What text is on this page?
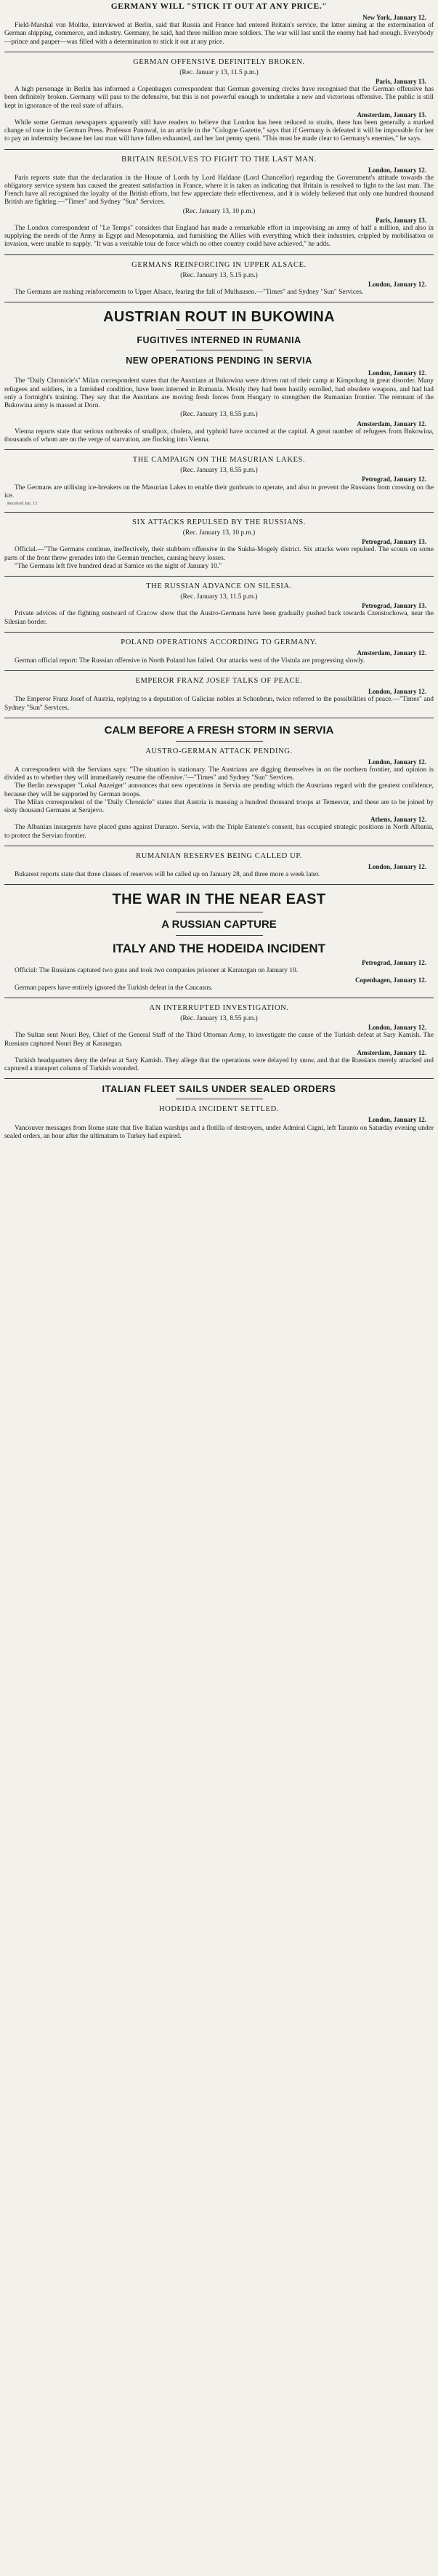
GERMANY WILL "STICK IT OUT AT ANY PRICE."
New York, January 12.

Field-Marshal von Moltke, interviewed at Berlin, said that Russia and France had entered Britain's service, the latter aiming at the extermination of German shipping, commerce, and industry. Germany, he said, had three million more soldiers. The war will last until the enemy had had enough. Everybody—prince and pauper—was filled with a determination to stick it out at any price.

GERMAN OFFENSIVE DEFINITELY BROKEN.
(Rec. Januar y 13, 11.5 p.m.)
Paris, January 13.

A high personage in Berlin has informed a Copenhagen correspondent that German governing circles have recognised that the German offensive has been definitely broken. Germany will pass to the defensive, but this is not powerful enough to undertake a new and victorious offensive. The public is still kept in ignorance of the real state of affairs.

Amsterdam, January 13.

While some German newspapers apparently still have readers to believe that London has been reduced to straits, there has been generally a marked change of tone in the German Press. Professor Pannwal, in an article in the "Cologne Gazette," says that if Germany is defeated it will be impossible for her to pay an indemnity because her last man will have fallen exhausted, and her last penny spent. "This must be made clear to Germany's enemies," he says.

BRITAIN RESOLVES TO FIGHT TO THE LAST MAN.
London, January 12.

Paris reports state that the declaration in the House of Lords by Lord Haldane (Lord Chancellor) regarding the Government's attitude towards the obligatory service system has caused the greatest satisfaction in France, where it is taken as indicating that Britain is resolved to fight to the last man. The French have all recognised the loyalty of the British efforts, but few appreciate their effectiveness, and it is widely believed that only one hundred thousand British are fighting.—"Times" and Sydney "Sun" Services.

(Rec. January 13, 10 p.m.)
Paris, January 13.

The London correspondent of "Le Temps" considers that England has made a remarkable effort in improvising an army of half a million, and also in supplying the needs of the Army in Egypt and Mesopotamia, and furnishing the Allies with everything which their industries, crippled by mobilisation or invasion, were unable to supply. "It was a veritable tour de force which no other country could have achieved," he adds.

GERMANS REINFORCING IN UPPER ALSACE.
(Rec. January 13, 5.15 p.m.)
London, January 12.

The Germans are rushing reinforcements to Upper Alsace, fearing the fall of Mulhausen.—"Times" and Sydney "Sun" Services.

AUSTRIAN ROUT IN BUKOWINA
FUGITIVES INTERNED IN RUMANIA
NEW OPERATIONS PENDING IN SERVIA
London, January 12.

The "Daily Chronicle's" Milan correspondent states that the Austrians at Bukowina were driven out of their camp at Kimpolung in great disorder. Many refugees and soldiers, in a famished condition, have been interned in Rumania. Mostly they had been hastily enrolled, had obsolete weapons, and had had only a fortnight's training. They say that the Austrians are moving fresh forces from Hungary to strengthen the Rumanian frontier. The remnant of the Bukowina army is massed at Dorn.

(Rec. January 13, 8.55 p.m.)
Amsterdam, January 12.

Vienna reports state that serious outbreaks of smallpox, cholera, and typhoid have occurred at the capital. A great number of refugees from Bukowina, thousands of whom are on the verge of starvation, are flocking into Vienna.

THE CAMPAIGN ON THE MASURIAN LAKES.
(Rec. January 13, 8.55 p.m.)
Petrograd, January 12.

The Germans are utilising ice-breakers on the Masurian Lakes to enable their gunboats to operate, and also to prevent the Russians from crossing on the ice.

Received Jan. 13
SIX ATTACKS REPULSED BY THE RUSSIANS.
(Rec. January 13, 10 p.m.)
Petrograd, January 13.

Official.—"The Germans continue, ineffectively, their stubborn offensive in the Sukha-Mogely district. Six attacks were repulsed. The scouts on some parts of the front threw grenades into the German trenches, causing heavy losses.

"The Germans left five hundred dead at Samice on the night of January 10."

THE RUSSIAN ADVANCE ON SILESIA.
(Rec. January 13, 11.5 p.m.)
Petrograd, January 13.

Private advices of the fighting eastward of Cracow show that the Austro-Germans have been gradually pushed back towards Czenstochowa, near the Silesian border.

POLAND OPERATIONS ACCORDING TO GERMANY.
Amsterdam, January 12.

German official report: The Russian offensive in North Poland has failed. Our attacks west of the Vistula are progressing slowly.

EMPEROR FRANZ JOSEF TALKS OF PEACE.
London, January 12.

The Emperor Franz Josef of Austria, replying to a deputation of Galician nobles at Schonbrun, twice referred to the possibilities of peace.—"Times" and Sydney "Sun" Services.

CALM BEFORE A FRESH STORM IN SERVIA
AUSTRO-GERMAN ATTACK PENDING.
London, January 12.

A correspondent with the Servians says: "The situation is stationary. The Austrians are digging themselves in on the northern frontier, and opinion is divided as to whether they will immediately resume the offensive."—"Times" and Sydney "Sun" Services.

The Berlin newspaper "Lokal Anzeiger" announces that new operations in Servia are pending which the Austrians regard with the greatest confidence, because they will be supported by German troops.

The Milan correspondent of the "Daily Chronicle" states that Austria is massing a hundred thousand troops at Temesvar, and these are to be joined by sixty thousand Germans at Serajevo.

Athens, January 12.

The Albanian insurgents have placed guns against Durazzo. Servia, with the Triple Entente's consent, has occupied strategic positions in North Albania, to protect the Servian frontier.

RUMANIAN RESERVES BEING CALLED UP.
London, January 12.

Bukarest reports state that three classes of reserves will be called up on January 28, and three more a week later.

THE WAR IN THE NEAR EAST
A RUSSIAN CAPTURE
ITALY AND THE HODEIDA INCIDENT
Petrograd, January 12.

Official: The Russians captured two guns and took two companies prisoner at Karaurgan on January 10.

Copenhagen, January 12.

German papers have entirely ignored the Turkish defeat in the Caucasus.

AN INTERRUPTED INVESTIGATION.
(Rec. January 13, 8.55 p.m.)
London, January 12.

The Sultan sent Nouri Bey, Chief of the General Staff of the Third Ottoman Army, to investigate the cause of the Turkish defeat at Sary Kamish. The Russians captured Nouri Bey at Karaurgan.

Amsterdam, January 12.

Turkish headquarters deny the defeat at Sary Kamish. They allege that the operations were delayed by snow, and that the Russians merely attacked and captured a transport column of Turkish wounded.

ITALIAN FLEET SAILS UNDER SEALED ORDERS
HODEIDA INCIDENT SETTLED.
London, January 12.

Vancouver messages from Rome state that five Italian warships and a flotilla of destroyers, under Admiral Cagni, left Taranto on Saturday evening under sealed orders, an hour after the ultimatum to Turkey had expired.
